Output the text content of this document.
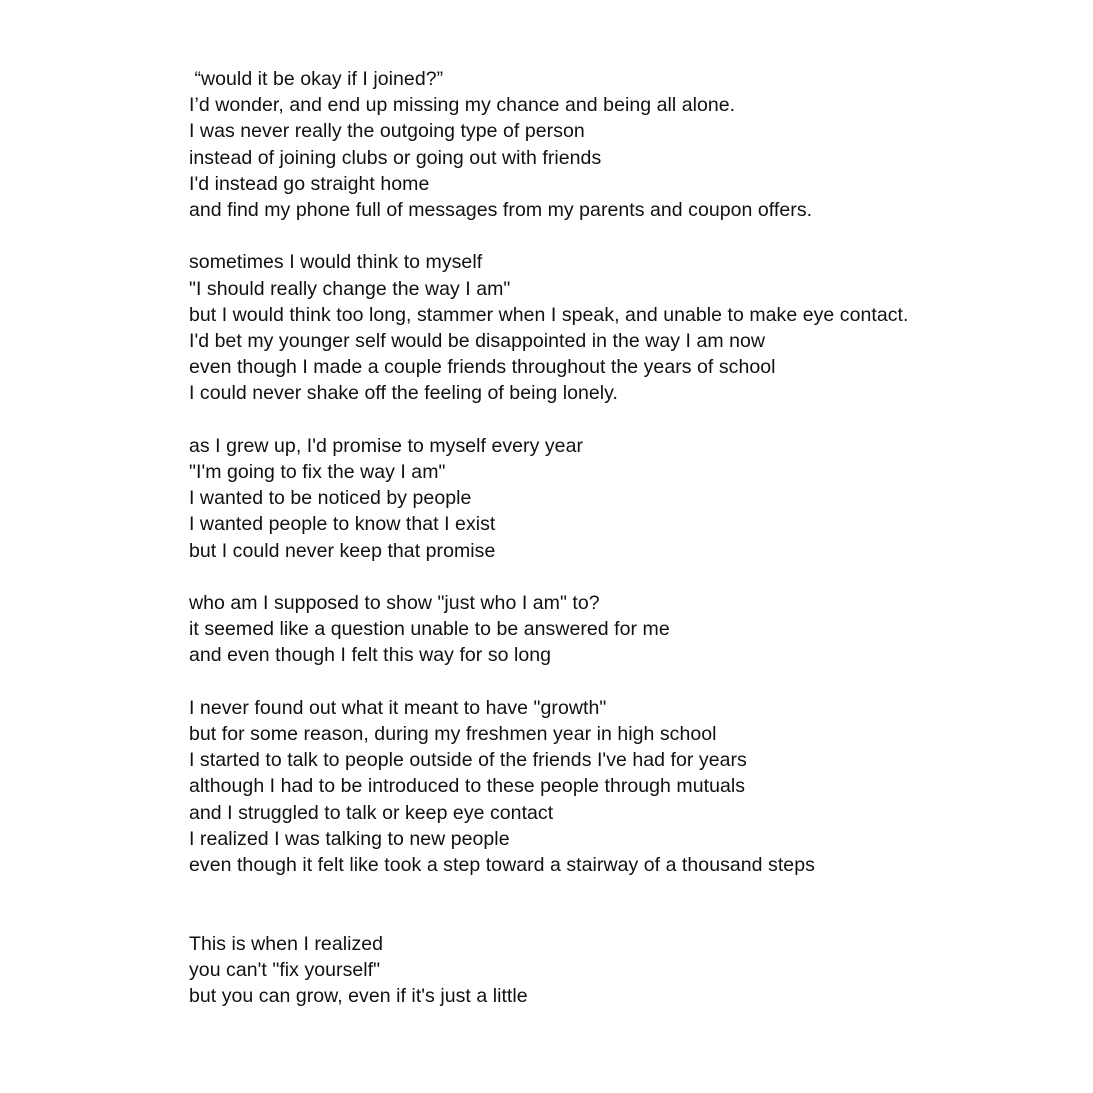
“would it be okay if I joined?”
I’d wonder, and end up missing my chance and being all alone.
I was never really the outgoing type of person
instead of joining clubs or going out with friends
I'd instead go straight home
and find my phone full of messages from my parents and coupon offers.
sometimes I would think to myself
"I should really change the way I am"
but I would think too long, stammer when I speak, and unable to make eye contact.
I'd bet my younger self would be disappointed in the way I am now
even though I made a couple friends throughout the years of school
I could never shake off the feeling of being lonely.
as I grew up, I'd promise to myself every year
"I'm going to fix the way I am"
I wanted to be noticed by people
I wanted people to know that I exist
but I could never keep that promise
who am I supposed to show "just who I am" to?
it seemed like a question unable to be answered for me
and even though I felt this way for so long
I never found out what it meant to have "growth"
but for some reason, during my freshmen year in high school
I started to talk to people outside of the friends I've had for years
although I had to be introduced to these people through mutuals
and I struggled to talk or keep eye contact
I realized I was talking to new people
even though it felt like took a step toward a stairway of a thousand steps
This is when I realized
you can't "fix yourself"
but you can grow, even if it's just a little
